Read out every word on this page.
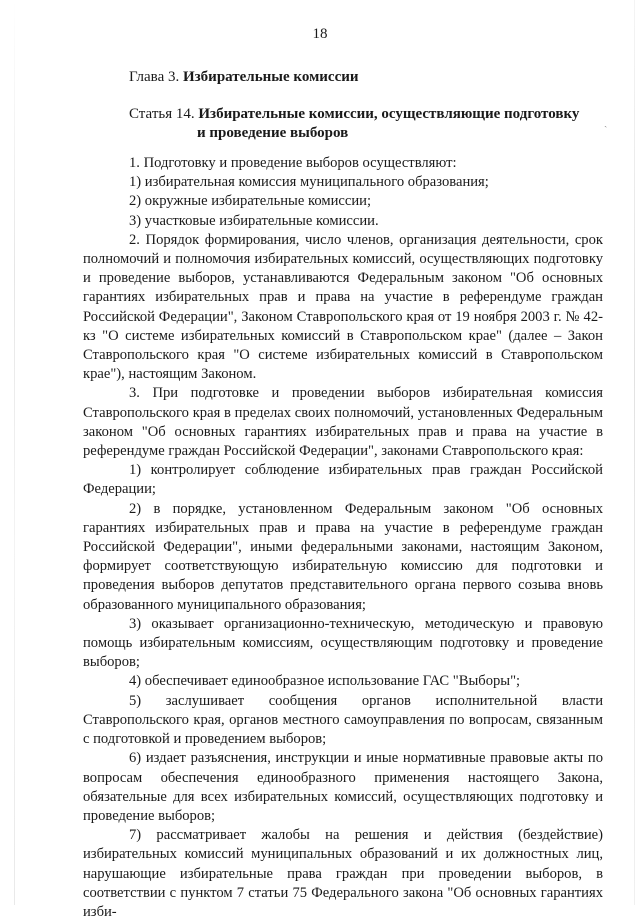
18
Глава 3. Избирательные комиссии
Статья 14. Избирательные комиссии, осуществляющие подготовку
и проведение выборов

1. Подготовку и проведение выборов осуществляют:

1) избирательная комиссия муниципального образования;

2) окружные избирательные комиссии;

3) участковые избирательные комиссии.

2. Порядок формирования, число членов, организация деятельности, срок полномочий и полномочия избирательных комиссий, осуществляющих подготовку и проведение выборов, устанавливаются Федеральным законом "Об основных гарантиях избирательных прав и права на участие в референдуме граждан Российской Федерации", Законом Ставропольского края от 19 ноября 2003 г. № 42-кз "О системе избирательных комиссий в Ставропольском крае" (далее – Закон Ставропольского края "О системе избирательных комиссий в Ставропольском крае"), настоящим Законом.

3. При подготовке и проведении выборов избирательная комиссия Ставропольского края в пределах своих полномочий, установленных Федеральным законом "Об основных гарантиях избирательных прав и права на участие в референдуме граждан Российской Федерации", законами Ставропольского края:

1) контролирует соблюдение избирательных прав граждан Российской Федерации;

2) в порядке, установленном Федеральным законом "Об основных гарантиях избирательных прав и права на участие в референдуме граждан Российской Федерации", иными федеральными законами, настоящим Законом, формирует соответствующую избирательную комиссию для подготовки и проведения выборов депутатов представительного органа первого созыва вновь образованного муниципального образования;

3) оказывает организационно-техническую, методическую и правовую помощь избирательным комиссиям, осуществляющим подготовку и проведение выборов;

4) обеспечивает единообразное использование ГАС "Выборы";

5) заслушивает сообщения органов исполнительной власти Ставропольского края, органов местного самоуправления по вопросам, связанным с подготовкой и проведением выборов;

6) издает разъяснения, инструкции и иные нормативные правовые акты по вопросам обеспечения единообразного применения настоящего Закона, обязательные для всех избирательных комиссий, осуществляющих подготовку и проведение выборов;

7) рассматривает жалобы на решения и действия (бездействие) избирательных комиссий муниципальных образований и их должностных лиц, нарушающие избирательные права граждан при проведении выборов, в соответствии с пунктом 7 статьи 75 Федерального закона "Об основных гарантиях изби-

ˏ
